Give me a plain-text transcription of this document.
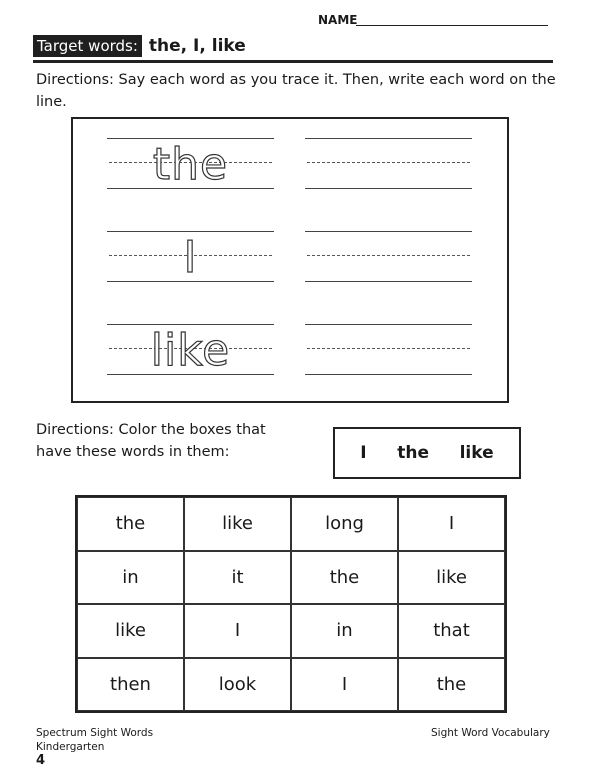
NAME
Target words: the, I, like
Directions: Say each word as you trace it. Then, write each word on the line.
the
I
like
Directions: Color the boxes that have these words in them:	I the like
the	like	long	I
in	it	the	like
like	I	in	that
then	look	I	the
Spectrum Sight Words
Kindergarten
4
Sight Word Vocabulary
